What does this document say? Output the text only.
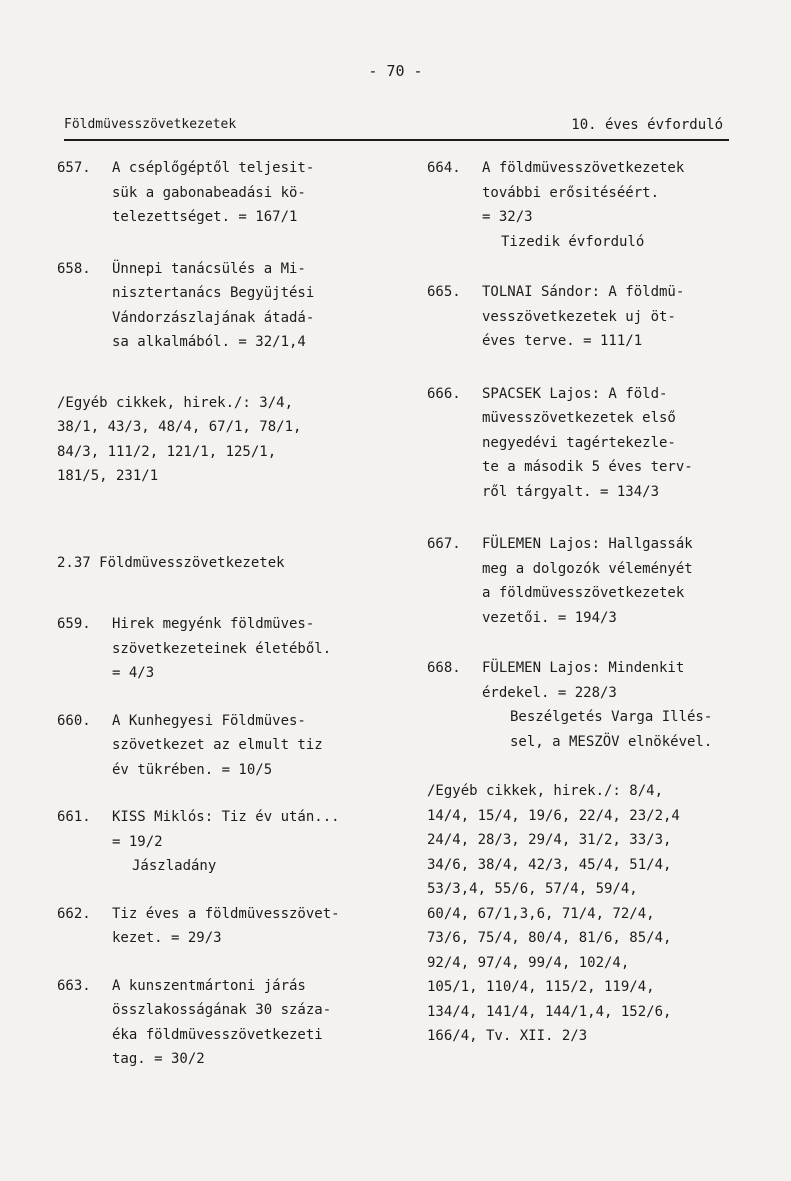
- 70 -
Földmüvesszövetkezetek	10. éves évforduló
657. A cséplőgéptől teljesit-
sük a gabonabeadási kö-
telezettséget. = 167/1
658. Ünnepi tanácsülés a Mi-
nisztertanács Begyüjtési
Vándorzászlajának átadá-
sa alkalmából. = 32/1,4
/Egyéb cikkek, hirek./: 3/4,
38/1, 43/3, 48/4, 67/1, 78/1,
84/3, 111/2, 121/1, 125/1,
181/5, 231/1
2.37 Földmüvesszövetkezetek
659. Hirek megyénk földmüves-
szövetkezeteinek életéből.
= 4/3
660. A Kunhegyesi Földmüves-
szövetkezet az elmult tiz
év tükrében. = 10/5
661. KISS Miklós: Tiz év után...
= 19/2
Jászladány
662. Tiz éves a földmüvesszövet-
kezet. = 29/3
663. A kunszentmártoni járás
összlakosságának 30 száza-
éka földmüvesszövetkezeti
tag. = 30/2
664. A földmüvesszövetkezetek
további erősitéséért.
= 32/3
Tizedik évforduló
665. TOLNAI Sándor: A földmü-
vesszövetkezetek uj öt-
éves terve. = 111/1
666. SPACSEK Lajos: A föld-
müvesszövetkezetek első
negyedévi tagértekezle-
te a második 5 éves terv-
ről tárgyalt. = 134/3
667. FÜLEMEN Lajos: Hallgassák
meg a dolgozók véleményét
a földmüvesszövetkezetek
vezetői. = 194/3
668. FÜLEMEN Lajos: Mindenkit
érdekel. = 228/3
Beszélgetés Varga Illés-
sel, a MESZÖV elnökével.
/Egyéb cikkek, hirek./: 8/4,
14/4, 15/4, 19/6, 22/4, 23/2,4
24/4, 28/3, 29/4, 31/2, 33/3,
34/6, 38/4, 42/3, 45/4, 51/4,
53/3,4, 55/6, 57/4, 59/4,
60/4, 67/1,3,6, 71/4, 72/4,
73/6, 75/4, 80/4, 81/6, 85/4,
92/4, 97/4, 99/4, 102/4,
105/1, 110/4, 115/2, 119/4,
134/4, 141/4, 144/1,4, 152/6,
166/4, Tv. XII. 2/3
